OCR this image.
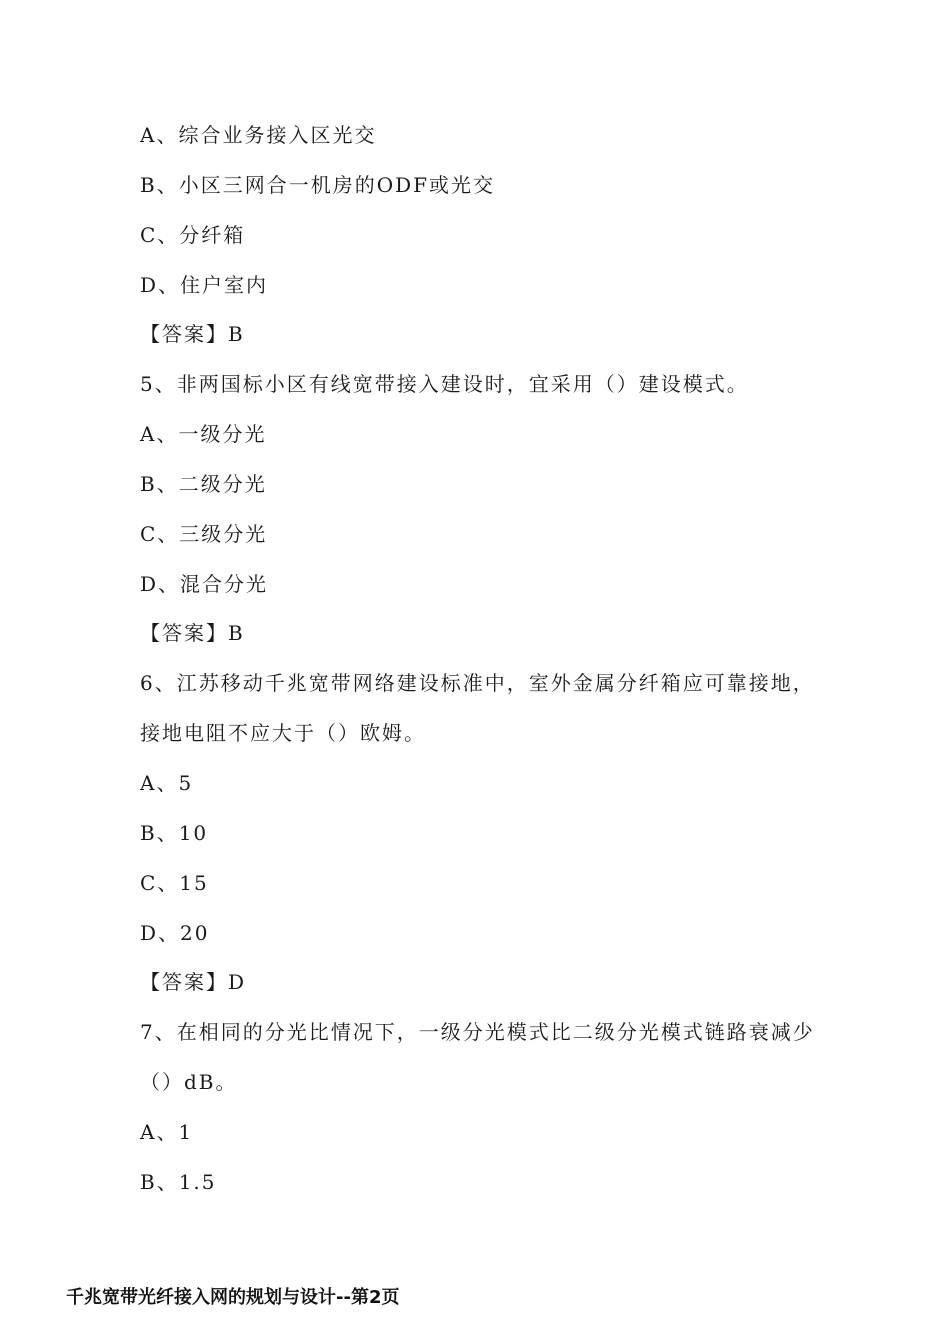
A、综合业务接入区光交
B、小区三网合一机房的ODF或光交
C、分纤箱
D、住户室内
【答案】B
5、非两国标小区有线宽带接入建设时，宜采用（）建设模式。
A、一级分光
B、二级分光
C、三级分光
D、混合分光
【答案】B
6、江苏移动千兆宽带网络建设标准中，室外金属分纤箱应可靠接地，
接地电阻不应大于（）欧姆。
A、5
B、10
C、15
D、20
【答案】D
7、在相同的分光比情况下，一级分光模式比二级分光模式链路衰减少
（）dB。
A、1
B、1.5
千兆宽带光纤接入网的规划与设计--第2页
